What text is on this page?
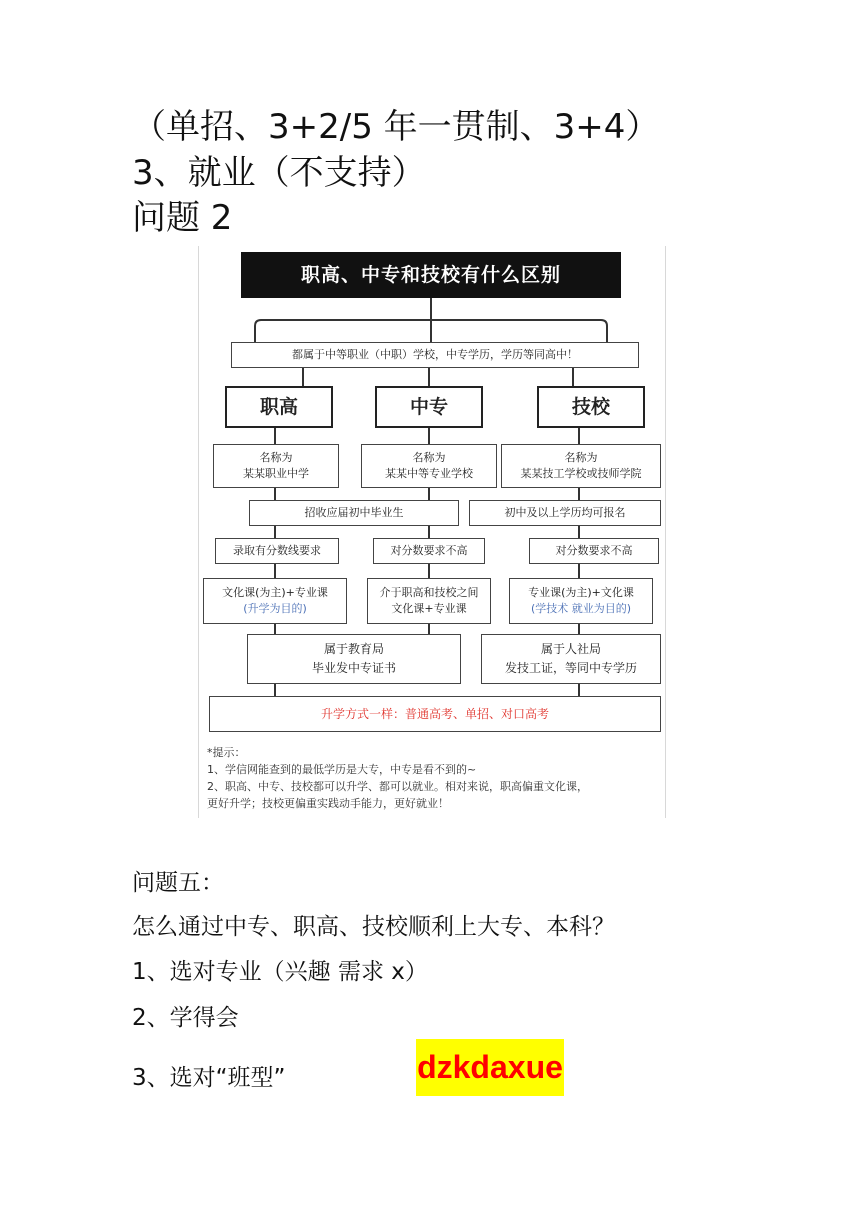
（单招、3+2/5 年一贯制、3+4）
3、就业（不支持）
问题 2
职高、中专和技校有什么区别
都属于中等职业（中职）学校，中专学历，学历等同高中！
职高	中专	技校
名称为
某某职业中学
名称为
某某中等专业学校
名称为
某某技工学校或技师学院
招收应届初中毕业生	初中及以上学历均可报名
录取有分数线要求	对分数要求不高	对分数要求不高
文化课(为主)+专业课
(升学为目的)
介于职高和技校之间
文化课+专业课
专业课(为主)+文化课
(学技术 就业为目的)
属于教育局
毕业发中专证书
属于人社局
发技工证，等同中专学历
升学方式一样：普通高考、单招、对口高考
*提示：
1、学信网能查到的最低学历是大专，中专是看不到的~
2、职高、中专、技校都可以升学、都可以就业。相对来说，职高偏重文化课，
更好升学；技校更偏重实践动手能力，更好就业！
问题五：
怎么通过中专、职高、技校顺利上大专、本科？
1、选对专业（兴趣 需求 x）
2、学得会
3、选对“班型”	dzkdaxue
